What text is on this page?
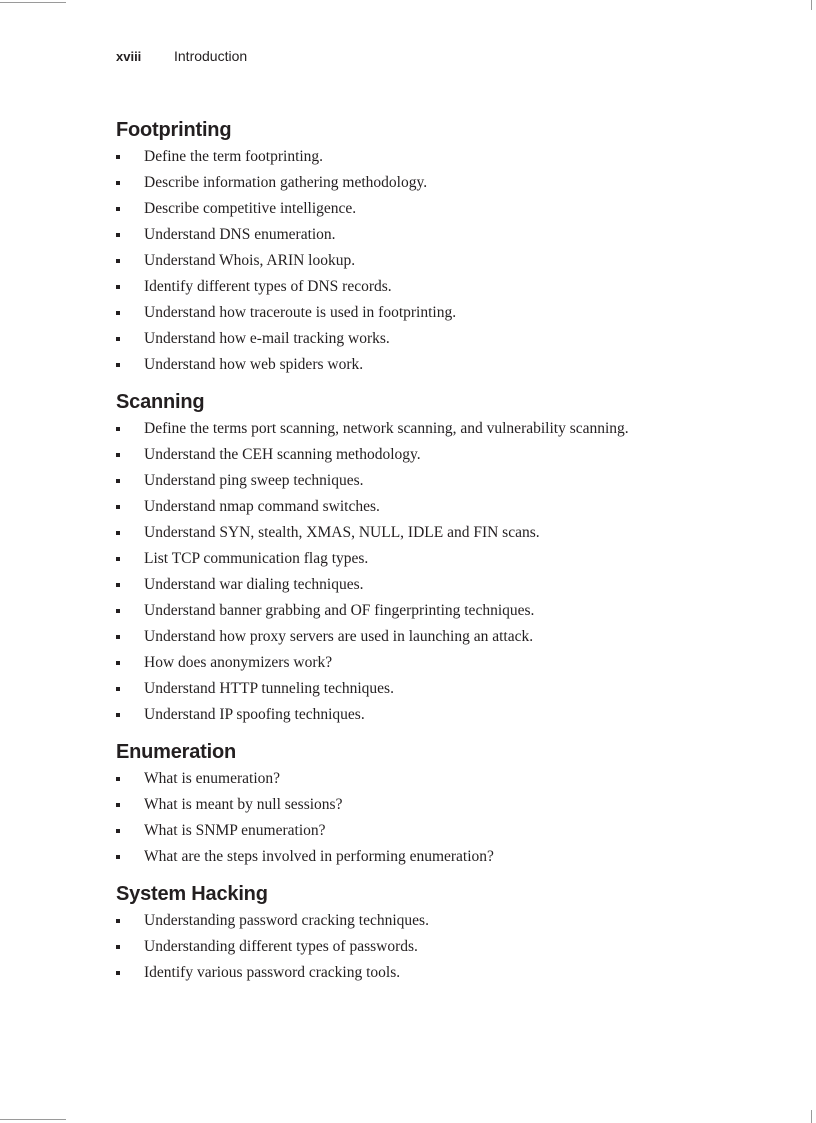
xviii Introduction
Footprinting
Define the term footprinting.
Describe information gathering methodology.
Describe competitive intelligence.
Understand DNS enumeration.
Understand Whois, ARIN lookup.
Identify different types of DNS records.
Understand how traceroute is used in footprinting.
Understand how e-mail tracking works.
Understand how web spiders work.
Scanning
Define the terms port scanning, network scanning, and vulnerability scanning.
Understand the CEH scanning methodology.
Understand ping sweep techniques.
Understand nmap command switches.
Understand SYN, stealth, XMAS, NULL, IDLE and FIN scans.
List TCP communication flag types.
Understand war dialing techniques.
Understand banner grabbing and OF fingerprinting techniques.
Understand how proxy servers are used in launching an attack.
How does anonymizers work?
Understand HTTP tunneling techniques.
Understand IP spoofing techniques.
Enumeration
What is enumeration?
What is meant by null sessions?
What is SNMP enumeration?
What are the steps involved in performing enumeration?
System Hacking
Understanding password cracking techniques.
Understanding different types of passwords.
Identify various password cracking tools.
